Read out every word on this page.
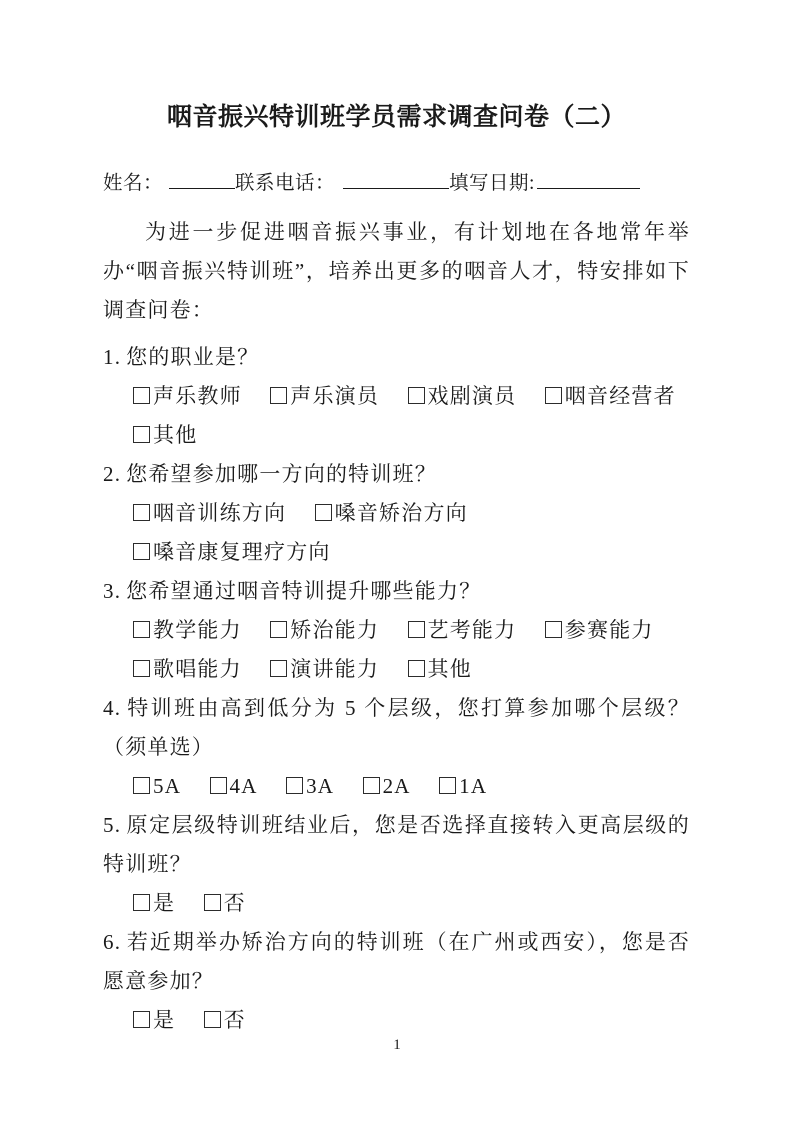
咽音振兴特训班学员需求调查问卷（二）
姓名：	联系电话：	填写日期:

为进一步促进咽音振兴事业，有计划地在各地常年举办“咽音振兴特训班”，培养出更多的咽音人才，特安排如下调查问卷：

1. 您的职业是？
声乐教师 声乐演员 戏剧演员 咽音经营者
其他
2. 您希望参加哪一方向的特训班？
咽音训练方向 嗓音矫治方向 嗓音康复理疗方向
3. 您希望通过咽音特训提升哪些能力？
教学能力 矫治能力 艺考能力 参赛能力
歌唱能力 演讲能力 其他
4. 特训班由高到低分为 5 个层级，您打算参加哪个层级？（须单选）
5A 4A 3A 2A 1A
5. 原定层级特训班结业后，您是否选择直接转入更高层级的特训班？
是 否
6. 若近期举办矫治方向的特训班（在广州或西安），您是否愿意参加？
是 否
1
